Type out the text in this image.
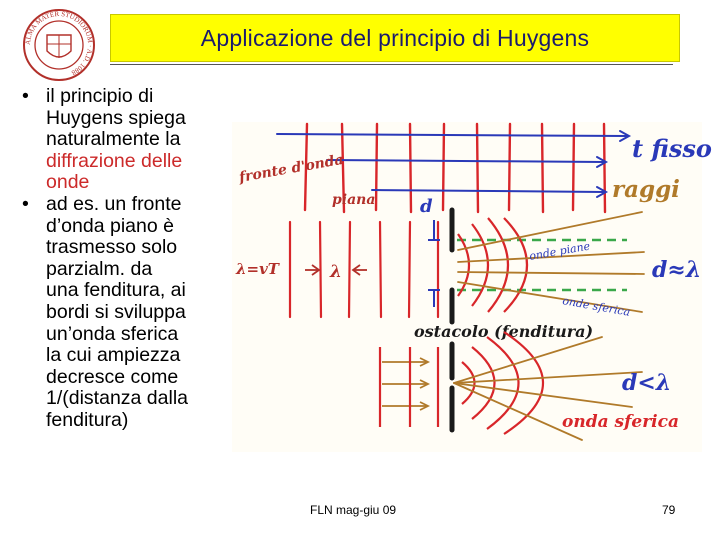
ALMA MATER STUDIORUM · A.D. 1088
Applicazione del principio di Huygens
• il principio di
Huygens spiega
naturalmente la
diffrazione delle
onde
• ad es. un fronte
d’onda piano è
trasmesso solo
parzialm. da
una fenditura, ai
bordi si sviluppa
un’onda sferica
la cui ampiezza
decresce come
1/(distanza dalla
fenditura)
t fisso
raggi
fronte d'onda
piana
λ=vT	λ
d
onde piane
d≈λ
onde sferica
ostacolo (fenditura)
d<λ
onda sferica
FLN mag-giu 09	79
